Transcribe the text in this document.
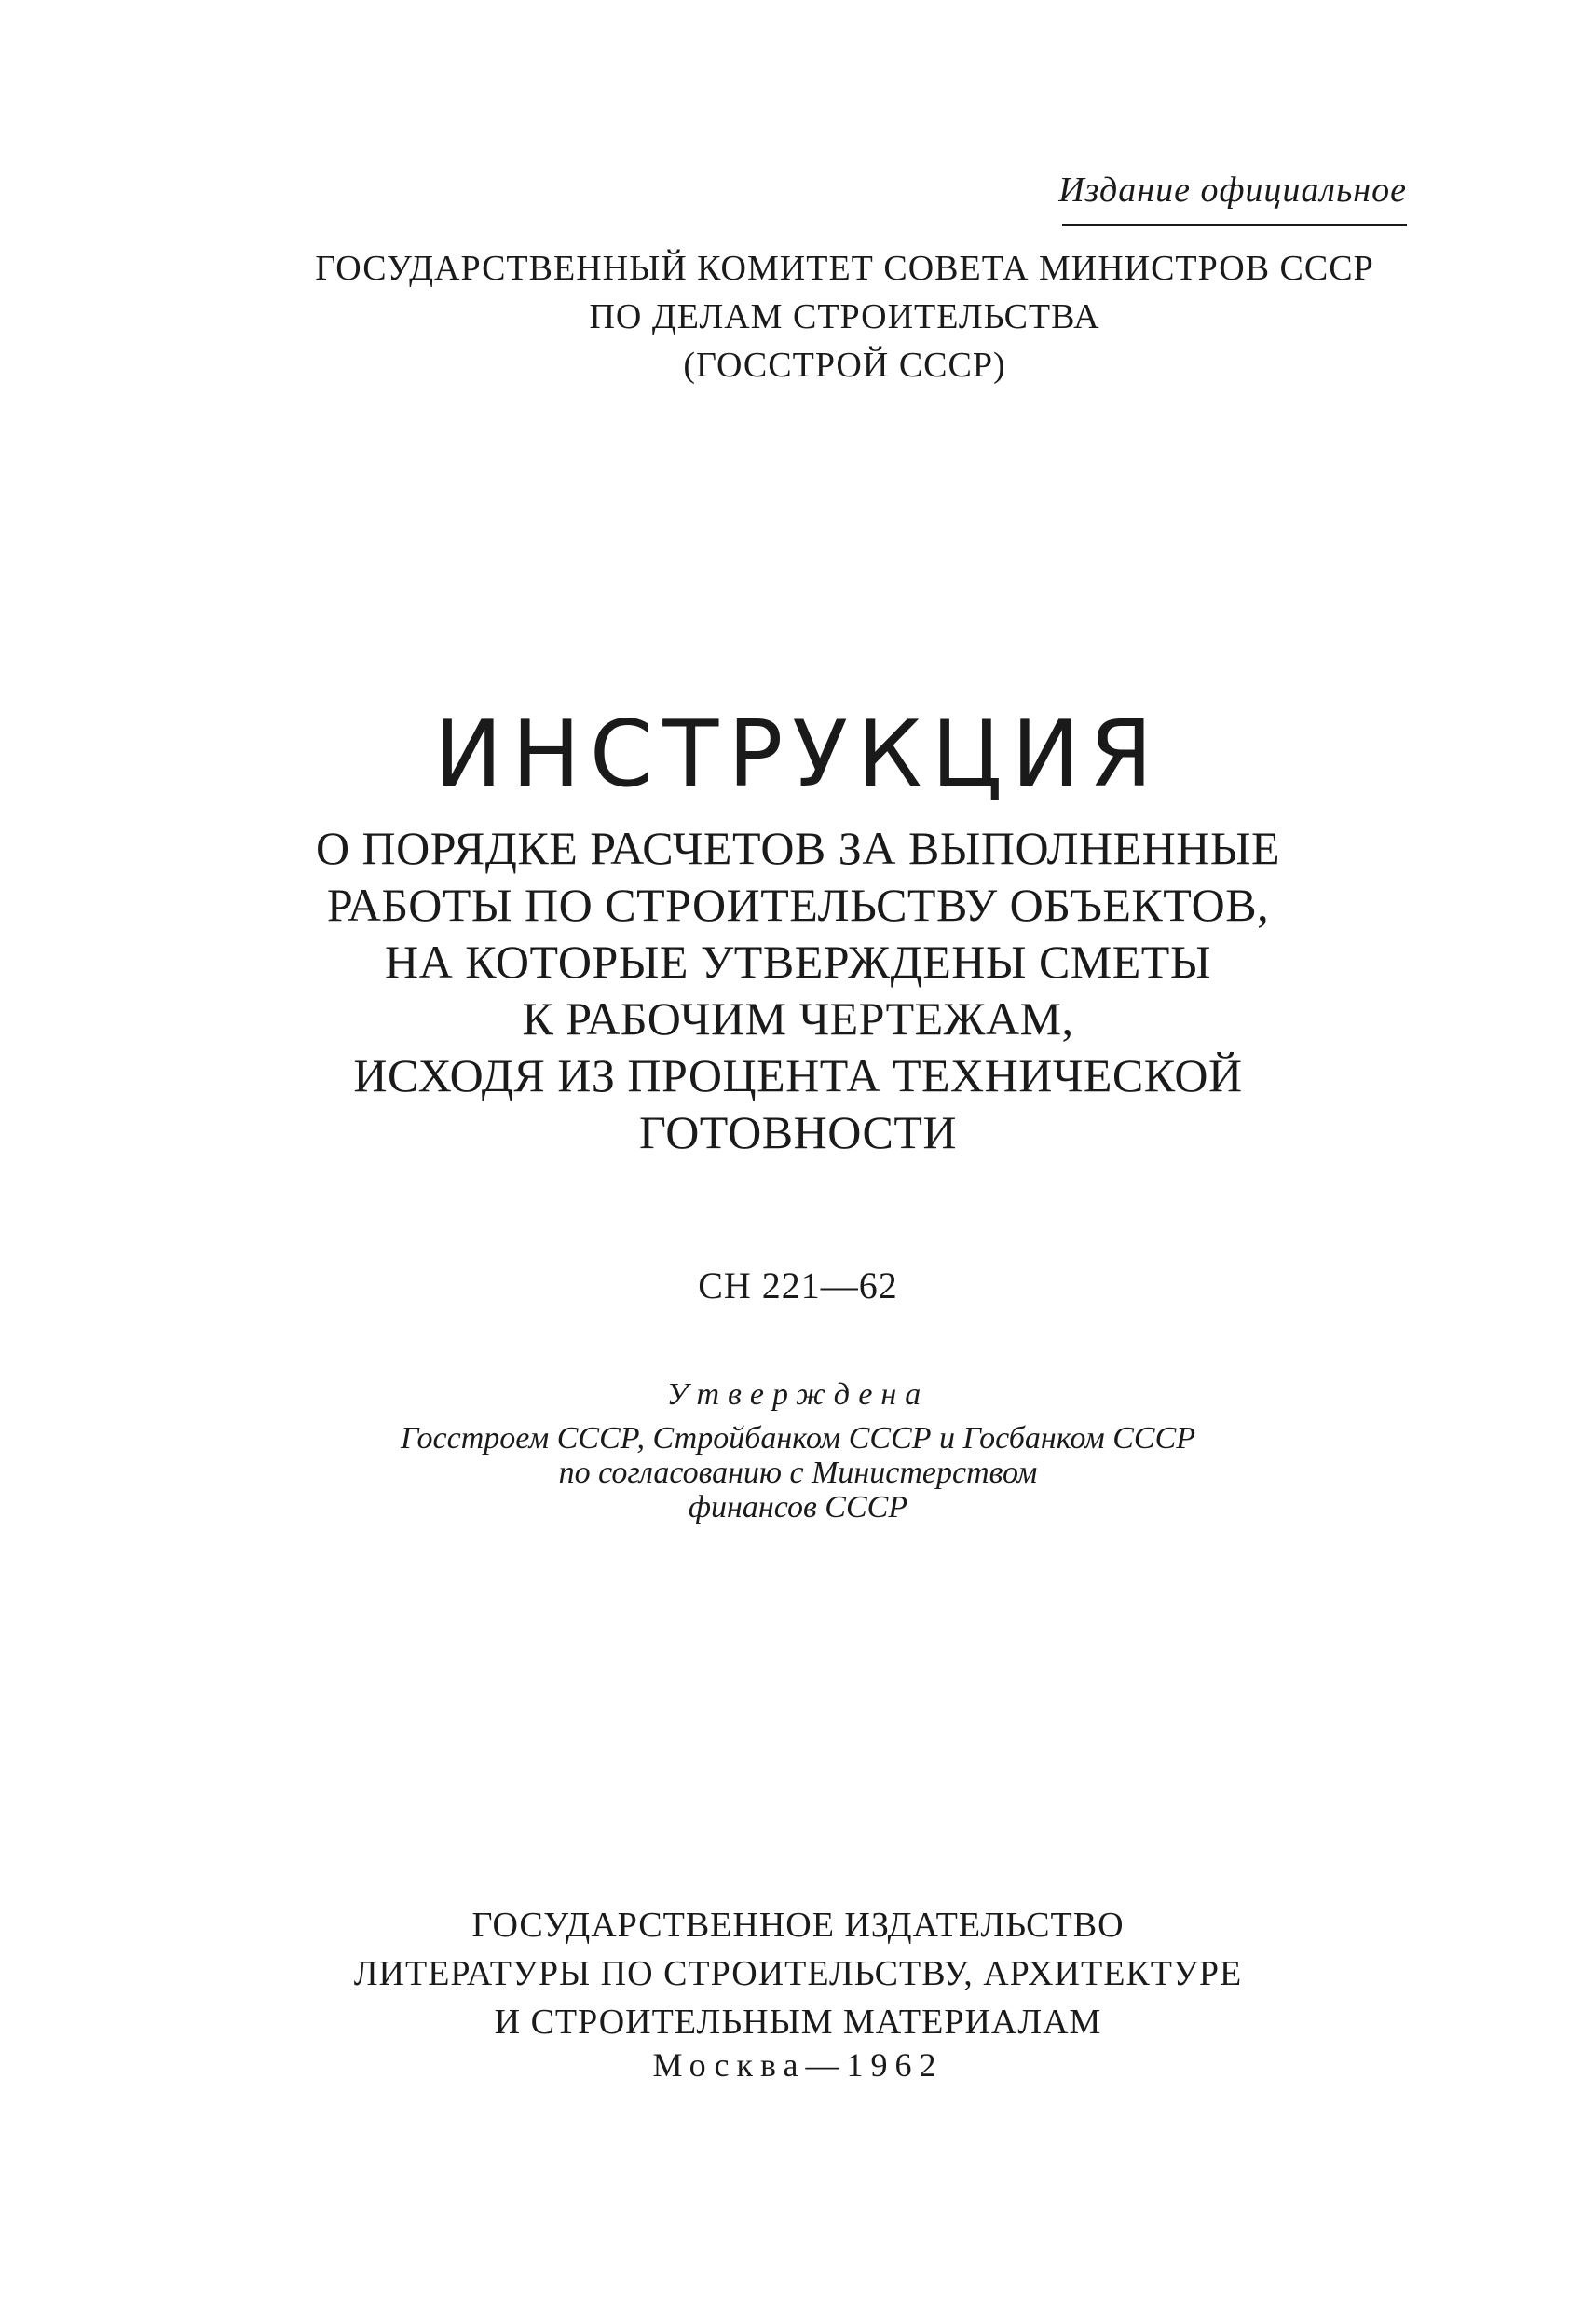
Издание официальное
ГОСУДАРСТВЕННЫЙ КОМИТЕТ СОВЕТА МИНИСТРОВ СССР
ПО ДЕЛАМ СТРОИТЕЛЬСТВА
(ГОССТРОЙ СССР)
ИНСТРУКЦИЯ
О ПОРЯДКЕ РАСЧЕТОВ ЗА ВЫПОЛНЕННЫЕ
РАБОТЫ ПО СТРОИТЕЛЬСТВУ ОБЪЕКТОВ,
НА КОТОРЫЕ УТВЕРЖДЕНЫ СМЕТЫ
К РАБОЧИМ ЧЕРТЕЖАМ,
ИСХОДЯ ИЗ ПРОЦЕНТА ТЕХНИЧЕСКОЙ
ГОТОВНОСТИ
СН 221—62
Утверждена
Госстроем СССР, Стройбанком СССР и Госбанком СССР
по согласованию с Министерством
финансов СССР
ГОСУДАРСТВЕННОЕ ИЗДАТЕЛЬСТВО
ЛИТЕРАТУРЫ ПО СТРОИТЕЛЬСТВУ, АРХИТЕКТУРЕ
И СТРОИТЕЛЬНЫМ МАТЕРИАЛАМ
Москва—1962
